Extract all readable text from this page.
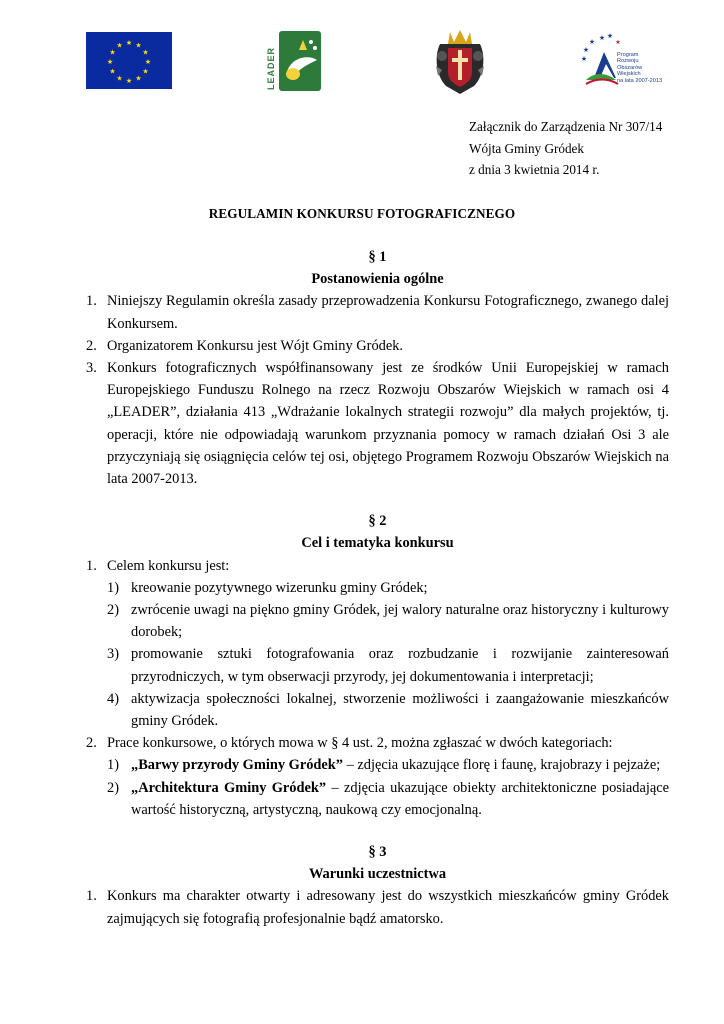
★ ★
★
★
★
★
★
★
★
★
★
★
LEADER
★ ★
★
★
★
★
Program
Rozwoju
Obszarów
Wiejskich
na lata 2007-2013
Załącznik do Zarządzenia Nr 307/14
Wójta Gminy Gródek
z dnia 3 kwietnia 2014 r.
REGULAMIN KONKURSU FOTOGRAFICZNEGO
§ 1
Postanowienia ogólne
1. Niniejszy Regulamin określa zasady przeprowadzenia Konkursu Fotograficznego, zwanego dalej Konkursem.
2. Organizatorem Konkursu jest Wójt Gminy Gródek.
3. Konkurs fotograficznych współfinansowany jest ze środków Unii Europejskiej w ramach Europejskiego Funduszu Rolnego na rzecz Rozwoju Obszarów Wiejskich w ramach osi 4 „LEADER”, działania 413 „Wdrażanie lokalnych strategii rozwoju” dla małych projektów, tj. operacji, które nie odpowiadają warunkom przyznania pomocy w ramach działań Osi 3 ale przyczyniają się osiągnięcia celów tej osi, objętego Programem Rozwoju Obszarów Wiejskich na lata 2007-2013.
§ 2
Cel i tematyka konkursu
1. Celem konkursu jest:
1) kreowanie pozytywnego wizerunku gminy Gródek;
2) zwrócenie uwagi na piękno gminy Gródek, jej walory naturalne oraz historyczny i kulturowy dorobek;
3) promowanie sztuki fotografowania oraz rozbudzanie i rozwijanie zainteresowań przyrodniczych, w tym obserwacji przyrody, jej dokumentowania i interpretacji;
4) aktywizacja społeczności lokalnej, stworzenie możliwości i zaangażowanie mieszkańców gminy Gródek.
2. Prace konkursowe, o których mowa w § 4 ust. 2, można zgłaszać w dwóch kategoriach:
1) „Barwy przyrody Gminy Gródek” – zdjęcia ukazujące florę i faunę, krajobrazy i pejzaże;
2) „Architektura Gminy Gródek” – zdjęcia ukazujące obiekty architektoniczne posiadające wartość historyczną, artystyczną, naukową czy emocjonalną.
§ 3
Warunki uczestnictwa
1. Konkurs ma charakter otwarty i adresowany jest do wszystkich mieszkańców gminy Gródek zajmujących się fotografią profesjonalnie bądź amatorsko.
